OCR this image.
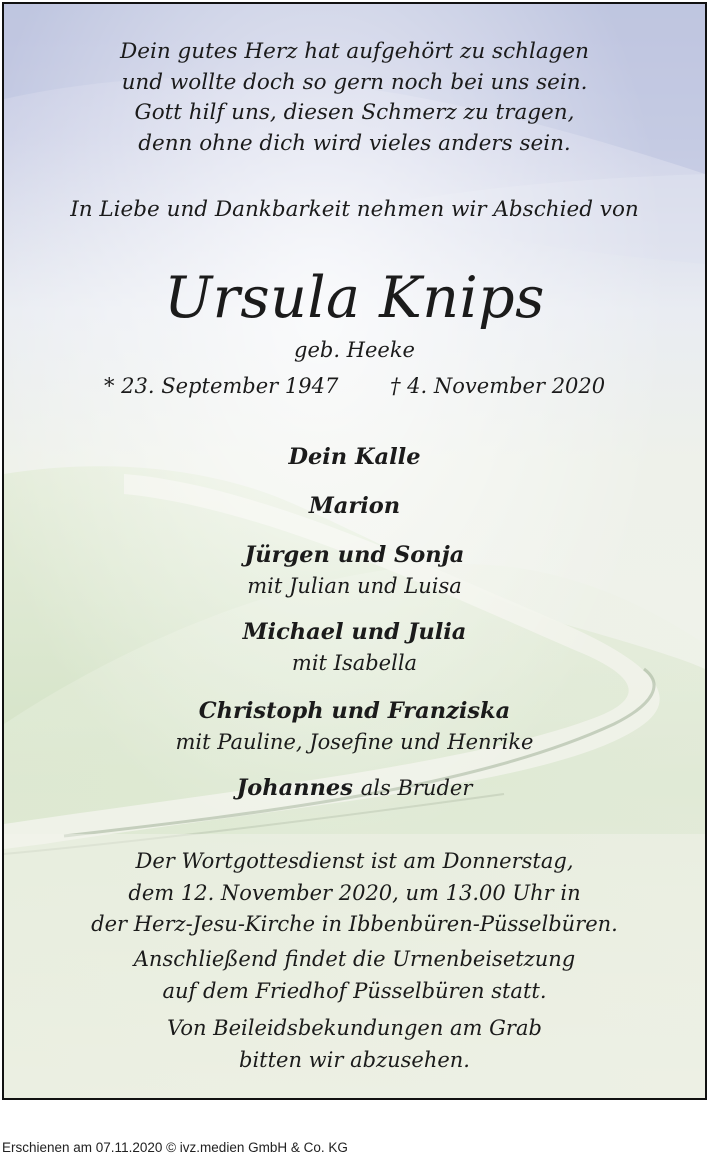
Dein gutes Herz hat aufgehört zu schlagen
und wollte doch so gern noch bei uns sein.
Gott hilf uns, diesen Schmerz zu tragen,
denn ohne dich wird vieles anders sein.
In Liebe und Dankbarkeit nehmen wir Abschied von
Ursula Knips
geb. Heeke
* 23. September 1947 † 4. November 2020
Dein Kalle
Marion
Jürgen und Sonja
mit Julian und Luisa
Michael und Julia
mit Isabella
Christoph und Franziska
mit Pauline, Josefine und Henrike
Johannes als Bruder
Der Wortgottesdienst ist am Donnerstag,
dem 12. November 2020, um 13.00 Uhr in
der Herz-Jesu-Kirche in Ibbenbüren-Püsselbüren.
Anschließend findet die Urnenbeisetzung
auf dem Friedhof Püsselbüren statt.
Von Beileidsbekundungen am Grab
bitten wir abzusehen.
Erschienen am 07.11.2020 © ivz.medien GmbH & Co. KG
